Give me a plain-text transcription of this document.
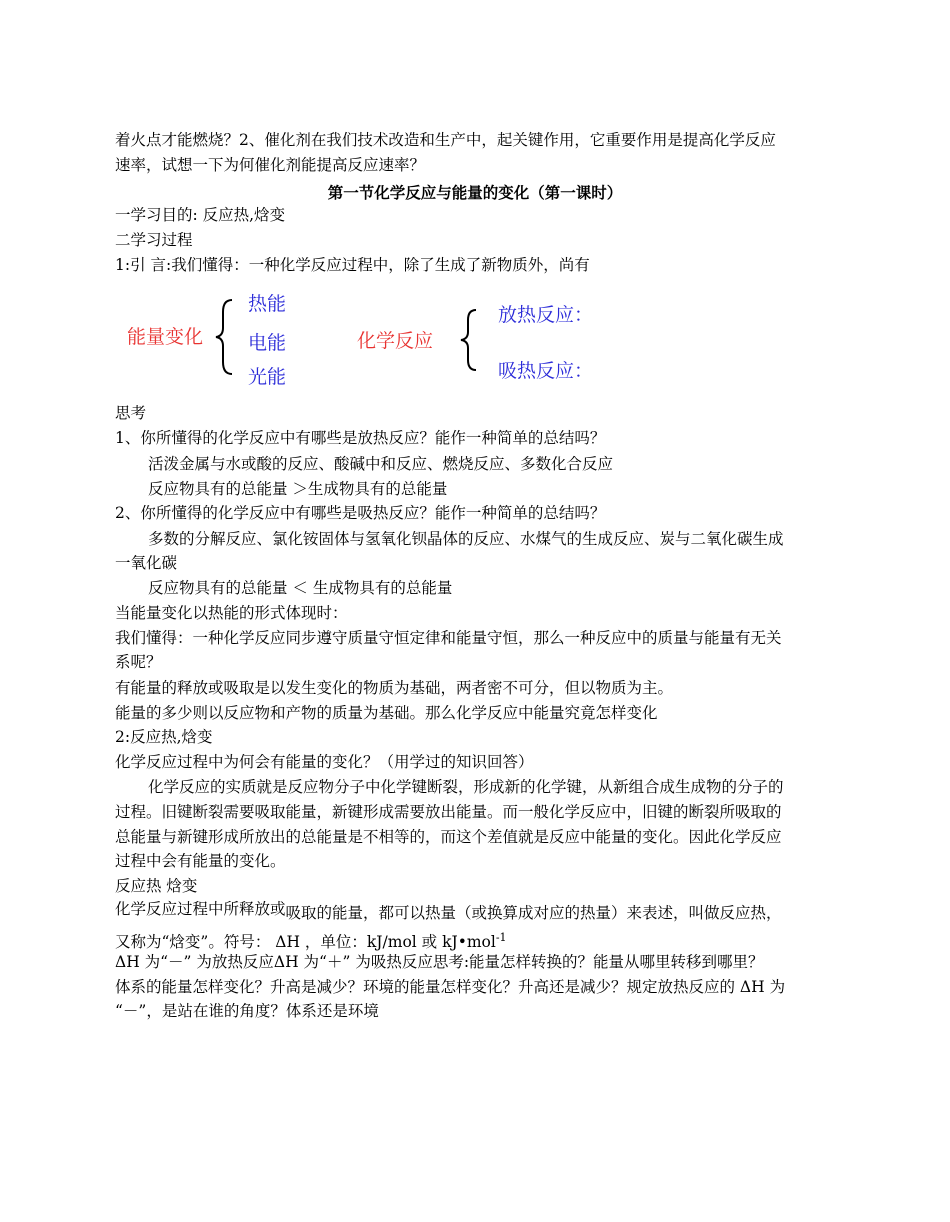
着火点才能燃烧？2、催化剂在我们技术改造和生产中，起关键作用，它重要作用是提高化学反应
速率，试想一下为何催化剂能提高反应速率？
第一节化学反应与能量的变化（第一课时）
一学习目的: 反应热,焓变
二学习过程
1:引 言:我们懂得：一种化学反应过程中，除了生成了新物质外，尚有
能量变化
热能
电能
光能
化学反应
放热反应：
吸热反应：
思考
1、你所懂得的化学反应中有哪些是放热反应？能作一种简单的总结吗？
活泼金属与水或酸的反应、酸碱中和反应、燃烧反应、多数化合反应
反应物具有的总能量 ＞生成物具有的总能量
2、你所懂得的化学反应中有哪些是吸热反应？能作一种简单的总结吗？
多数的分解反应、氯化铵固体与氢氧化钡晶体的反应、水煤气的生成反应、炭与二氧化碳生成
一氧化碳
反应物具有的总能量 ＜ 生成物具有的总能量
当能量变化以热能的形式体现时：
我们懂得：一种化学反应同步遵守质量守恒定律和能量守恒，那么一种反应中的质量与能量有无关
系呢？
有能量的释放或吸取是以发生变化的物质为基础，两者密不可分，但以物质为主。
能量的多少则以反应物和产物的质量为基础。那么化学反应中能量究竟怎样变化
2:反应热,焓变
化学反应过程中为何会有能量的变化？（用学过的知识回答）
化学反应的实质就是反应物分子中化学键断裂，形成新的化学键，从新组合成生成物的分子的
过程。旧键断裂需要吸取能量，新键形成需要放出能量。而一般化学反应中，旧键的断裂所吸取的
总能量与新键形成所放出的总能量是不相等的，而这个差值就是反应中能量的变化。因此化学反应
过程中会有能量的变化。
反应热 焓变
化学反应过程中所释放或吸取的能量，都可以热量（或换算成对应的热量）来表述，叫做反应热，
又称为“焓变”。符号： ΔH ，单位：kJ/mol 或 kJ•mol$^{-1}$
ΔH 为“－” 为放热反应ΔH 为“＋” 为吸热反应思考:能量怎样转换的？能量从哪里转移到哪里？
体系的能量怎样变化？升高是减少？环境的能量怎样变化？升高还是减少？规定放热反应的 ΔH 为
“－”，是站在谁的角度？体系还是环境
